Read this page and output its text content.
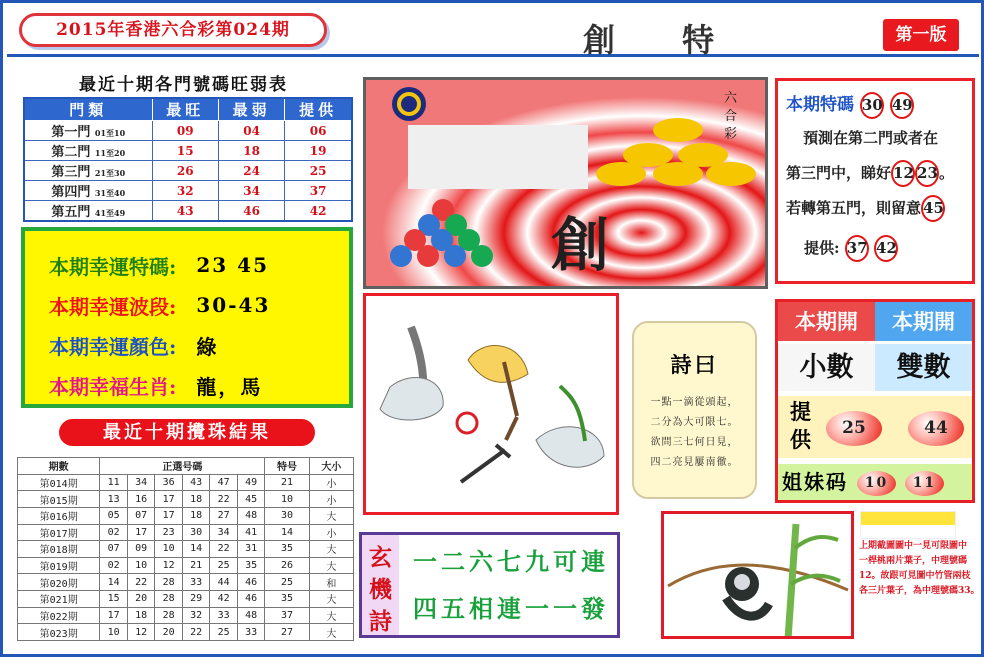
2015年香港六合彩第024期	創 特	第一版
最近十期各門號碼旺弱表
門類	最旺	最弱	提供
第一門 01至10	09	04	06
第二門 11至20	15	18	19
第三門 21至30	26	24	25
第四門 31至40	32	34	37
第五門 41至49	43	46	42
本期幸運特碼: 23 45
本期幸運波段: 30-43
本期幸運顏色: 綠
本期幸福生肖: 龍，馬
最近十期攪珠結果
期數	正選号碼						特号	大小
第014期	11	34	36	43	47	49	21	小
第015期	13	16	17	18	22	45	10	小
第016期	05	07	17	18	27	48	30	大
第017期	02	17	23	30	34	41	14	小
第018期	07	09	10	14	22	31	35	大
第019期	02	10	12	21	25	35	26	大
第020期	14	22	28	33	44	46	25	和
第021期	15	20	28	29	42	46	35	大
第022期	17	18	28	32	33	48	37	大
第023期	10	12	20	22	25	33	27	大
六
合
彩
創
本期特碼 30 49
預測在第二門或者在
第三門中，睇好 12 23。
若轉第五門，則留意 45
提供: 37 42
本期開	本期開
小數	雙數
提供	25	44
姐妹码 10 11
詩曰
一點一滴從頭起，
二分為大可限七。
欲問三七何日見，
四二亮見屢南徹。
玄機詩
一二六七九可連
四五相連一一發
上期截圖圖中一見可限圖中
一桿桃兩片葉子，中理號碼
12。故跟可見圖中竹管兩枝
各三片葉子，為中理號碼33。
